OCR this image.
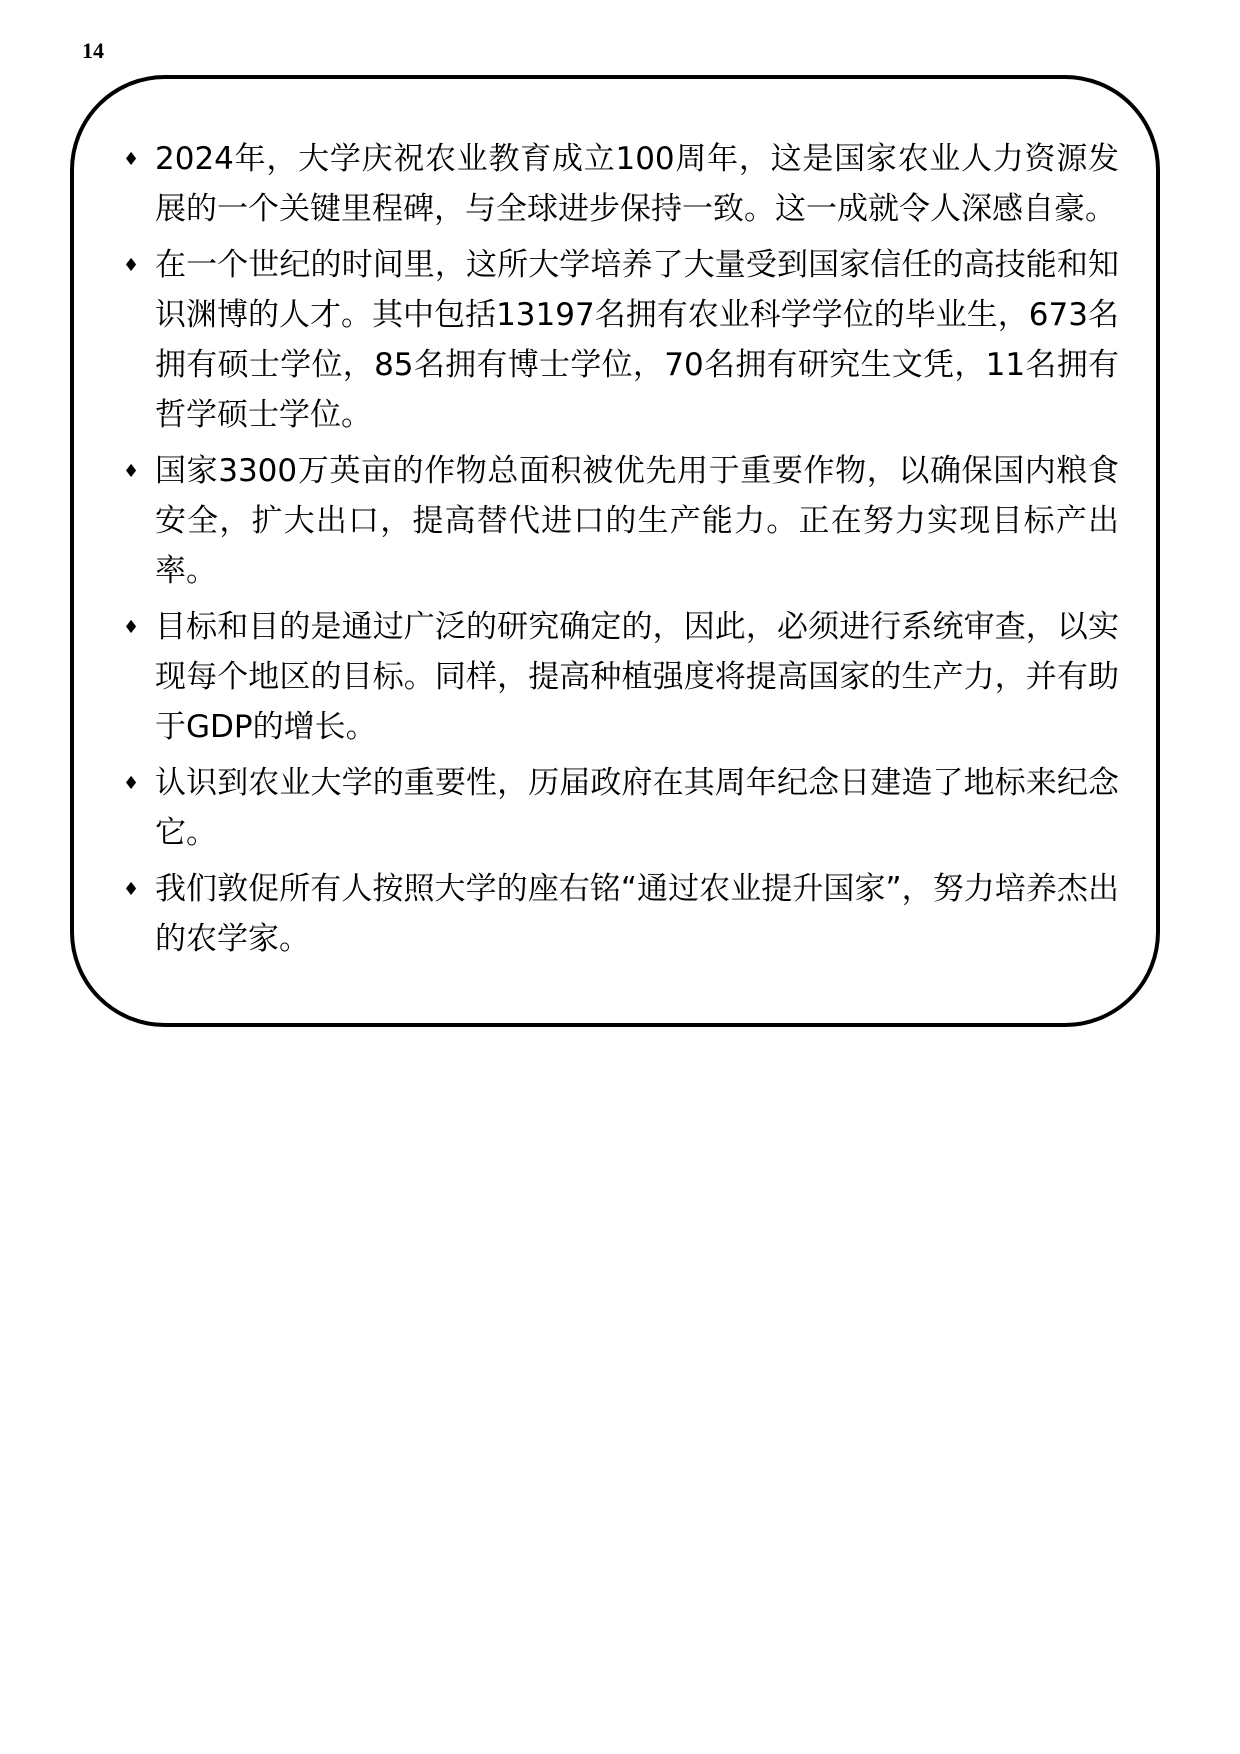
14
♦ 2024年，大学庆祝农业教育成立100周年，这是国家农业人力资源发展的一个关键里程碑，与全球进步保持一致。这一成就令人深感自豪。
♦ 在一个世纪的时间里，这所大学培养了大量受到国家信任的高技能和知识渊博的人才。其中包括13197名拥有农业科学学位的毕业生，673名拥有硕士学位，85名拥有博士学位，70名拥有研究生文凭，11名拥有哲学硕士学位。
♦ 国家3300万英亩的作物总面积被优先用于重要作物，以确保国内粮食安全，扩大出口，提高替代进口的生产能力。正在努力实现目标产出率。
♦ 目标和目的是通过广泛的研究确定的，因此，必须进行系统审查，以实现每个地区的目标。同样，提高种植强度将提高国家的生产力，并有助于GDP的增长。
♦ 认识到农业大学的重要性，历届政府在其周年纪念日建造了地标来纪念它。
♦ 我们敦促所有人按照大学的座右铭“通过农业提升国家”，努力培养杰出的农学家。
